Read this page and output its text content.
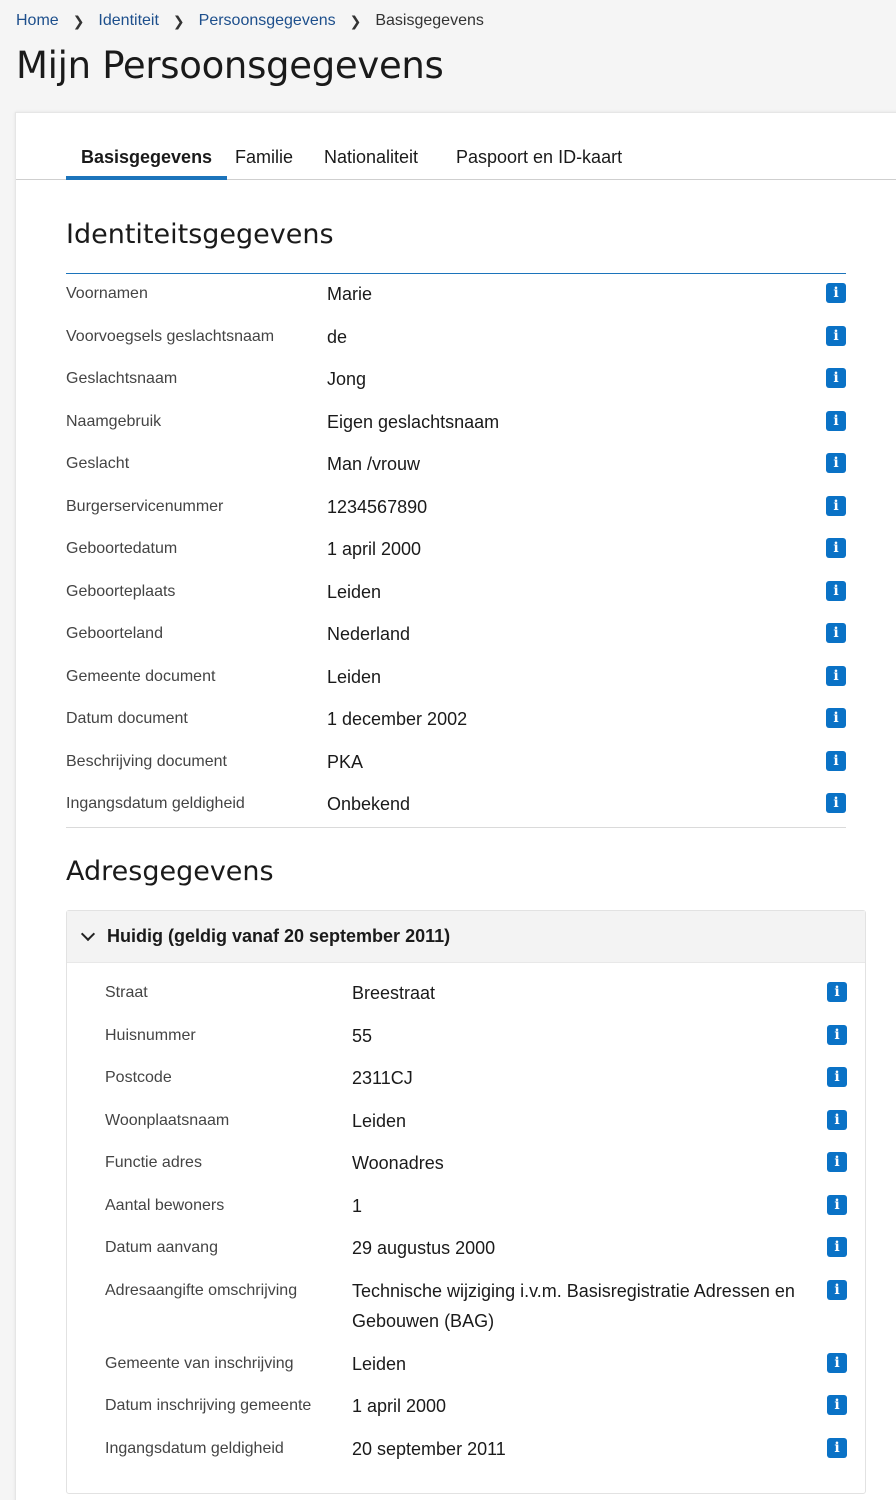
Home ❯ Identiteit ❯ Persoonsgegevens ❯ Basisgegevens
Mijn Persoonsgegevens
Basisgegevens	Familie Nationaliteit Paspoort en ID-kaart
Identiteitsgegevens
Voornamen	Marie	i
Voorvoegsels geslachtsnaam	de	i
Geslachtsnaam	Jong	i
Naamgebruik	Eigen geslachtsnaam	i
Geslacht	Man /vrouw	i
Burgerservicenummer	1234567890	i
Geboortedatum	1 april 2000	i
Geboorteplaats	Leiden	i
Geboorteland	Nederland	i
Gemeente document	Leiden	i
Datum document	1 december 2002	i
Beschrijving document	PKA	i
Ingangsdatum geldigheid	Onbekend	i
Adresgegevens
Huidig (geldig vanaf 20 september 2011)
Straat	Breestraat	i
Huisnummer	55	i
Postcode	2311CJ	i
Woonplaatsnaam	Leiden	i
Functie adres	Woonadres	i
Aantal bewoners	1	i
Datum aanvang	29 augustus 2000	i
Adresaangifte omschrijving	Technische wijziging i.v.m. Basisregistratie Adressen en Gebouwen (BAG)
i
Gemeente van inschrijving	Leiden	i
Datum inschrijving gemeente 1 april 2000	i
Ingangsdatum geldigheid	20 september 2011	i
